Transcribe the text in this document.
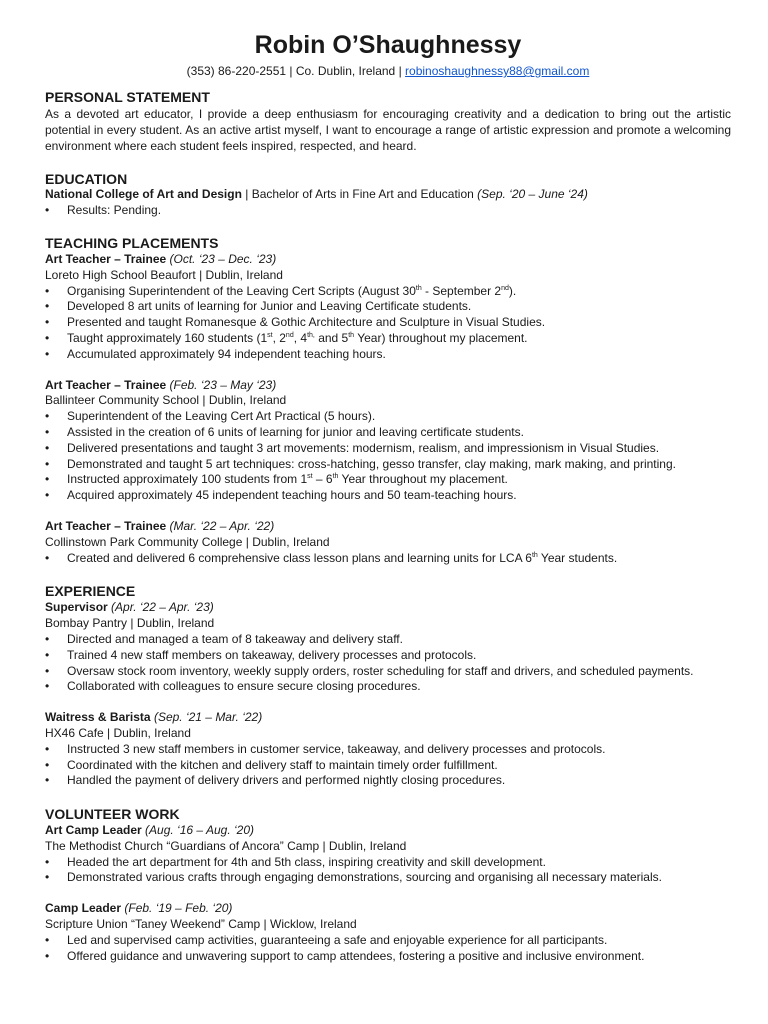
Robin O’Shaughnessy
(353) 86-220-2551 | Co. Dublin, Ireland | robinoshaughnessy88@gmail.com
PERSONAL STATEMENT
As a devoted art educator, I provide a deep enthusiasm for encouraging creativity and a dedication to bring out the artistic potential in every student. As an active artist myself, I want to encourage a range of artistic expression and promote a welcoming environment where each student feels inspired, respected, and heard.
EDUCATION
National College of Art and Design | Bachelor of Arts in Fine Art and Education (Sep. ‘20 – June ‘24)
• Results: Pending.
TEACHING PLACEMENTS
Art Teacher – Trainee (Oct. ‘23 – Dec. ‘23)
Loreto High School Beaufort | Dublin, Ireland
• Organising Superintendent of the Leaving Cert Scripts (August 30th - September 2nd).
• Developed 8 art units of learning for Junior and Leaving Certificate students.
• Presented and taught Romanesque & Gothic Architecture and Sculpture in Visual Studies.
• Taught approximately 160 students (1st, 2nd, $4^{th,}$ and 5th Year) throughout my placement.
• Accumulated approximately 94 independent teaching hours.
Art Teacher – Trainee (Feb. ‘23 – May ‘23)
Ballinteer Community School | Dublin, Ireland
• Superintendent of the Leaving Cert Art Practical (5 hours).
• Assisted in the creation of 6 units of learning for junior and leaving certificate students.
• Delivered presentations and taught 3 art movements: modernism, realism, and impressionism in Visual Studies.
• Demonstrated and taught 5 art techniques: cross-hatching, gesso transfer, clay making, mark making, and printing.
• Instructed approximately 100 students from 1st – 6th Year throughout my placement.
• Acquired approximately 45 independent teaching hours and 50 team-teaching hours.
Art Teacher – Trainee (Mar. ‘22 – Apr. ‘22)
Collinstown Park Community College | Dublin, Ireland
• Created and delivered 6 comprehensive class lesson plans and learning units for LCA 6th Year students.
EXPERIENCE
Supervisor (Apr. ‘22 – Apr. ‘23)
Bombay Pantry | Dublin, Ireland
• Directed and managed a team of 8 takeaway and delivery staff.
• Trained 4 new staff members on takeaway, delivery processes and protocols.
• Oversaw stock room inventory, weekly supply orders, roster scheduling for staff and drivers, and scheduled payments.
• Collaborated with colleagues to ensure secure closing procedures.
Waitress & Barista (Sep. ‘21 – Mar. ‘22)
HX46 Cafe | Dublin, Ireland
• Instructed 3 new staff members in customer service, takeaway, and delivery processes and protocols.
• Coordinated with the kitchen and delivery staff to maintain timely order fulfillment.
• Handled the payment of delivery drivers and performed nightly closing procedures.
VOLUNTEER WORK
Art Camp Leader (Aug. ‘16 – Aug. ‘20)
The Methodist Church “Guardians of Ancora” Camp | Dublin, Ireland
• Headed the art department for 4th and 5th class, inspiring creativity and skill development.
• Demonstrated various crafts through engaging demonstrations, sourcing and organising all necessary materials.
Camp Leader (Feb. ‘19 – Feb. ‘20)
Scripture Union “Taney Weekend” Camp | Wicklow, Ireland
• Led and supervised camp activities, guaranteeing a safe and enjoyable experience for all participants.
• Offered guidance and unwavering support to camp attendees, fostering a positive and inclusive environment.
